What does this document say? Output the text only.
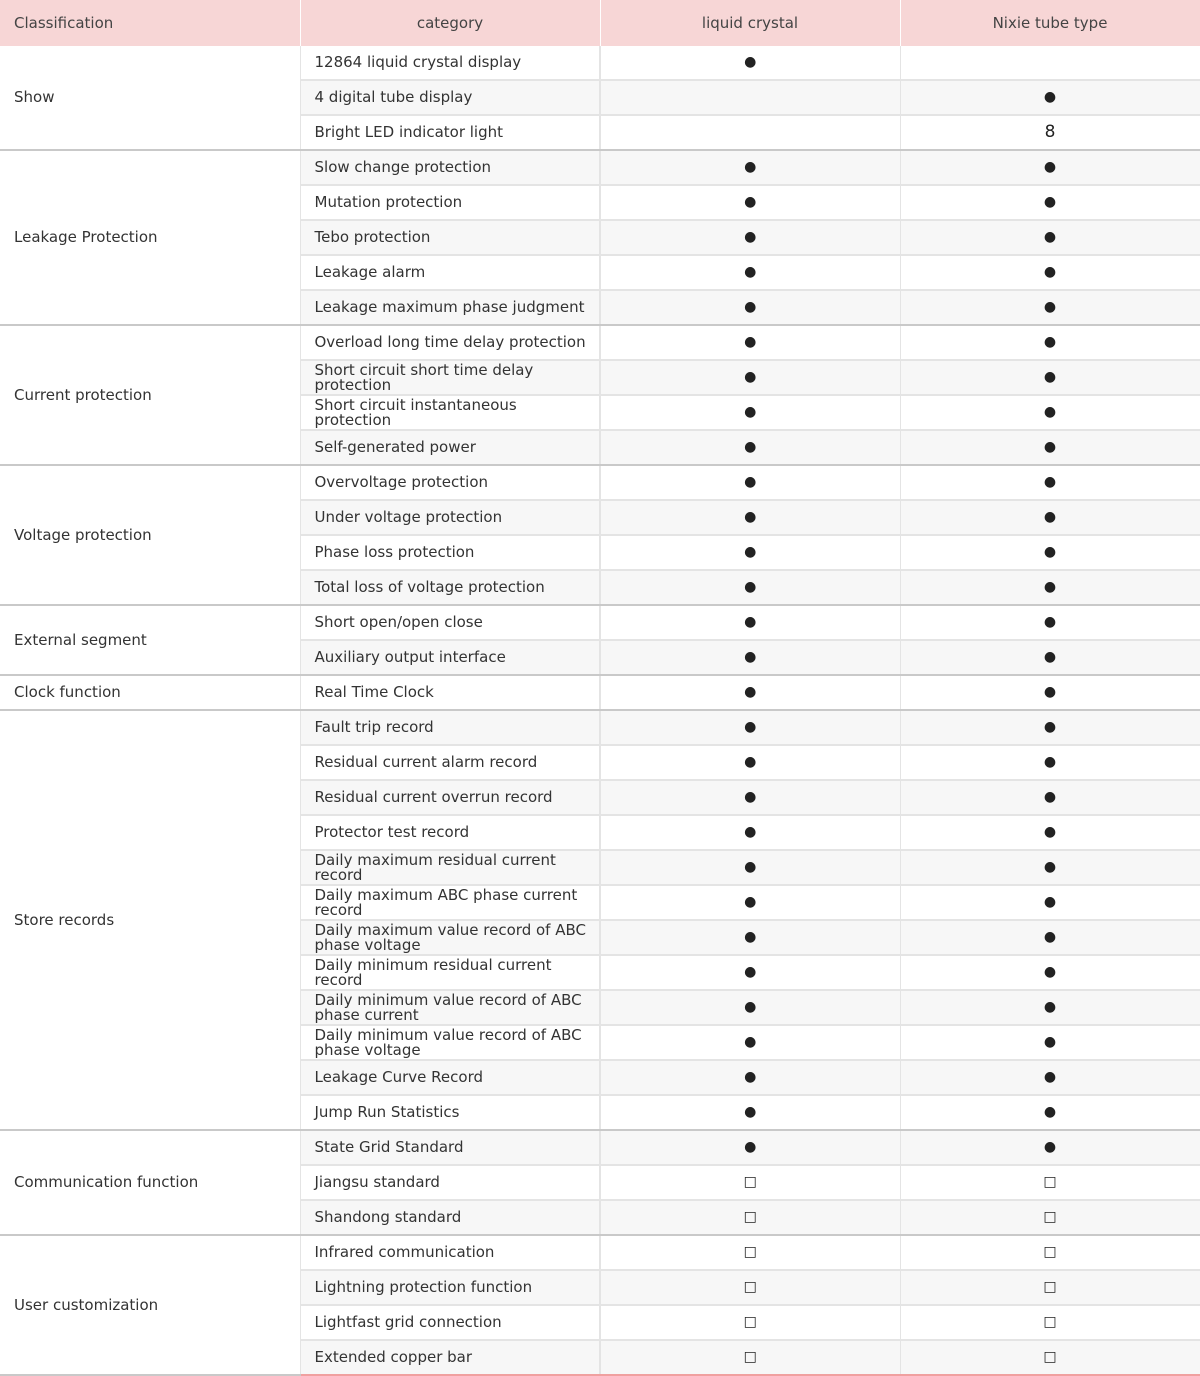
Classification	category	liquid crystal	Nixie tube type
Show	12864 liquid crystal display	●	
	4 digital tube display		●
	Bright LED indicator light		8
Leakage Protection	Slow change protection	●	●
	Mutation protection	●	●
	Tebo protection	●	●
	Leakage alarm	●	●
	Leakage maximum phase judgment	●	●
Current protection	Overload long time delay protection	●	●
	Short circuit short time delay protection	●	●
	Short circuit instantaneous protection	●	●
	Self-generated power	●	●
Voltage protection	Overvoltage protection	●	●
	Under voltage protection	●	●
	Phase loss protection	●	●
	Total loss of voltage protection	●	●
External segment	Short open/open close	●	●
	Auxiliary output interface	●	●
Clock function	Real Time Clock	●	●
Store records	Fault trip record	●	●
	Residual current alarm record	●	●
	Residual current overrun record	●	●
	Protector test record	●	●
	Daily maximum residual current record	●	●
	Daily maximum ABC phase current record	●	●
	Daily maximum value record of ABC phase voltage	●	●
	Daily minimum residual current record	●	●
	Daily minimum value record of ABC phase current	●	●
	Daily minimum value record of ABC phase voltage	●	●
	Leakage Curve Record	●	●
	Jump Run Statistics	●	●
Communication function	State Grid Standard	●	●
	Jiangsu standard	□	□
	Shandong standard	□	□
User customization	Infrared communication	□	□
	Lightning protection function	□	□
	Lightfast grid connection	□	□
	Extended copper bar	□	□
